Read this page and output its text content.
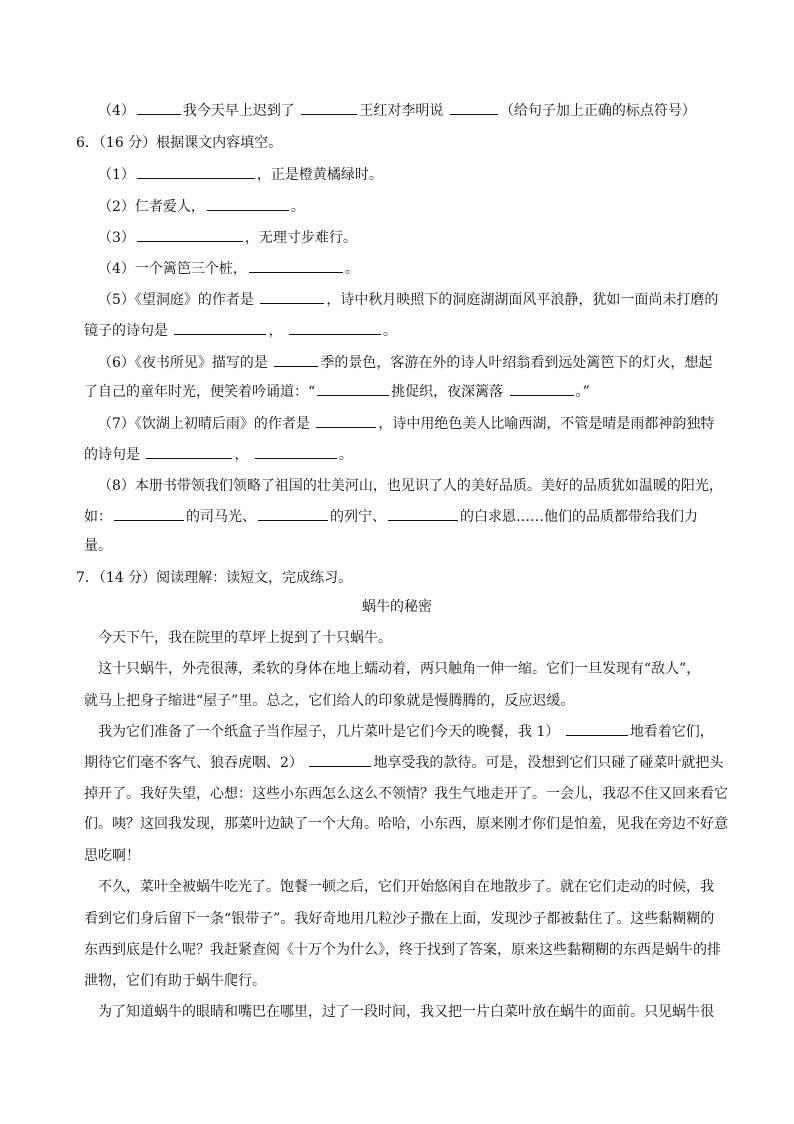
（4）	我今天早上迟到了	王红对李明说	（给句子加上正确的标点符号）
6．（16 分）根据课文内容填空。
（1）	，正是橙黄橘绿时。
（2）仁者爱人，	。
（3）	，无理寸步难行。
（4）一个篱笆三个桩，	。
（5）《望洞庭》的作者是	，诗中秋月映照下的洞庭湖湖面风平浪静，犹如一面尚未打磨的
镜子的诗句是	，	。
（6）《夜书所见》描写的是	季的景色，客游在外的诗人叶绍翁看到远处篱笆下的灯火，想起
了自己的童年时光，便笑着吟诵道：“	挑促织，夜深篱落	。”
（7）《饮湖上初晴后雨》的作者是	，诗中用绝色美人比喻西湖，不管是晴是雨都神韵独特
的诗句是	，	。
（8）本册书带领我们领略了祖国的壮美河山，也见识了人的美好品质。美好的品质犹如温暖的阳光，
如：	的司马光、	的列宁、	的白求恩……他们的品质都带给我们力
量。
7．（14 分）阅读理解：读短文，完成练习。
蜗牛的秘密
今天下午，我在院里的草坪上捉到了十只蜗牛。
这十只蜗牛，外壳很薄，柔软的身体在地上蠕动着，两只触角一伸一缩。它们一旦发现有“敌人”，
就马上把身子缩进“屋子”里。总之，它们给人的印象就是慢腾腾的，反应迟缓。
我为它们准备了一个纸盒子当作屋子，几片菜叶是它们今天的晚餐，我 1）	地看着它们，
期待它们毫不客气、狼吞虎咽、2）	地享受我的款待。可是，没想到它们只碰了碰菜叶就把头
掉开了。我好失望，心想：这些小东西怎么这么不领情？我生气地走开了。一会儿，我忍不住又回来看它
们。咦？这回我发现，那菜叶边缺了一个大角。哈哈，小东西，原来刚才你们是怕羞，见我在旁边不好意
思吃啊！
不久，菜叶全被蜗牛吃光了。饱餐一顿之后，它们开始悠闲自在地散步了。就在它们走动的时候，我
看到它们身后留下一条“银带子”。我好奇地用几粒沙子撒在上面，发现沙子都被黏住了。这些黏糊糊的
东西到底是什么呢？我赶紧查阅《十万个为什么》，终于找到了答案，原来这些黏糊糊的东西是蜗牛的排
泄物，它们有助于蜗牛爬行。
为了知道蜗牛的眼睛和嘴巴在哪里，过了一段时间，我又把一片白菜叶放在蜗牛的面前。只见蜗牛很
